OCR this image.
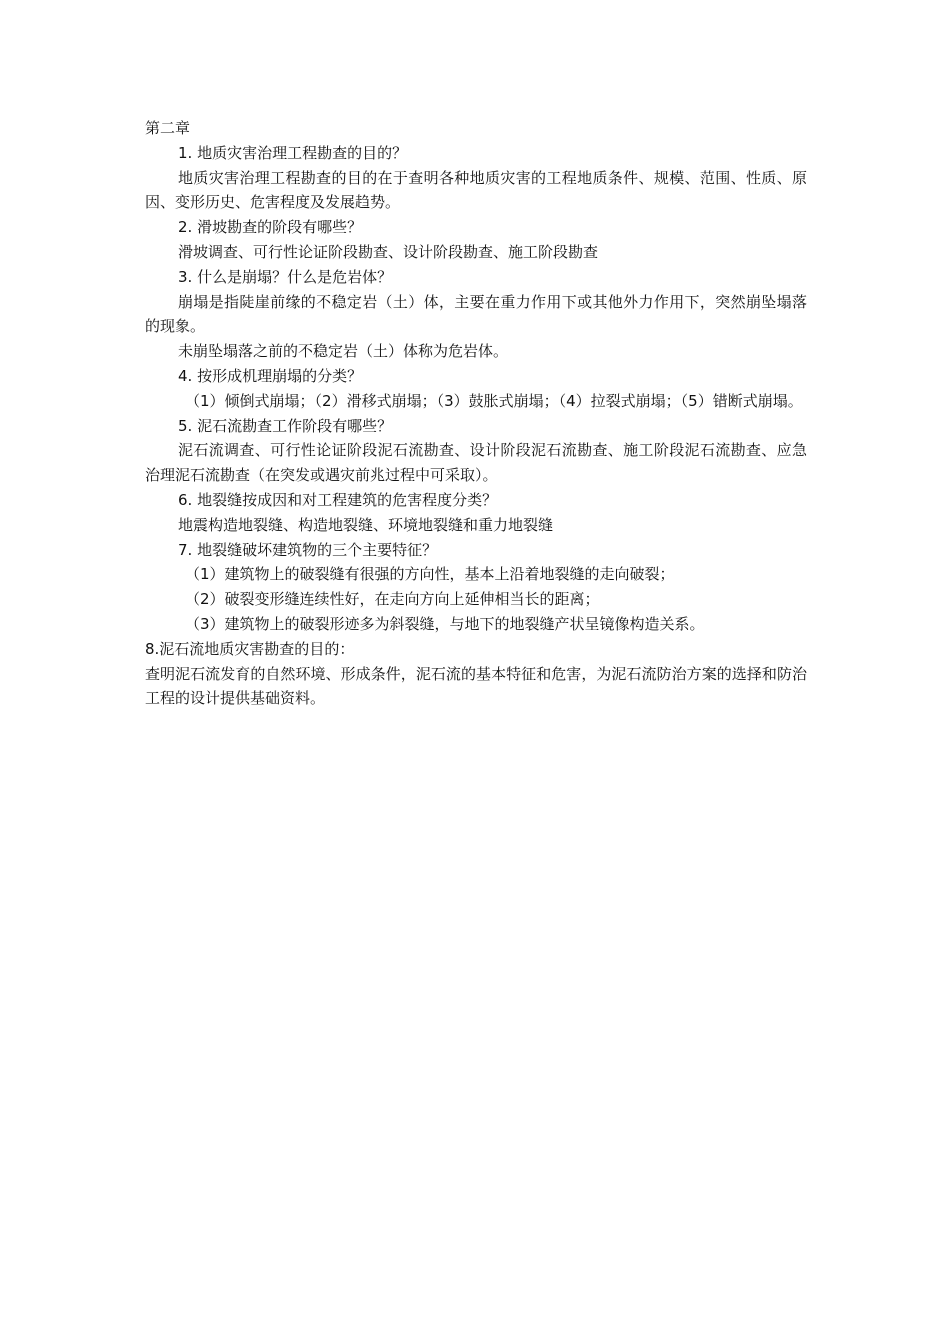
第二章

1. 地质灾害治理工程勘查的目的？

地质灾害治理工程勘查的目的在于查明各种地质灾害的工程地质条件、规模、范围、性质、原因、变形历史、危害程度及发展趋势。

2. 滑坡勘查的阶段有哪些？

滑坡调查、可行性论证阶段勘查、设计阶段勘查、施工阶段勘查

3. 什么是崩塌？什么是危岩体？

崩塌是指陡崖前缘的不稳定岩（土）体，主要在重力作用下或其他外力作用下，突然崩坠塌落的现象。

未崩坠塌落之前的不稳定岩（土）体称为危岩体。

4. 按形成机理崩塌的分类？

（1）倾倒式崩塌；（2）滑移式崩塌；（3）鼓胀式崩塌；（4）拉裂式崩塌；（5）错断式崩塌。

5. 泥石流勘查工作阶段有哪些？

泥石流调查、可行性论证阶段泥石流勘查、设计阶段泥石流勘查、施工阶段泥石流勘查、应急治理泥石流勘查（在突发或遇灾前兆过程中可采取）。

6. 地裂缝按成因和对工程建筑的危害程度分类？

地震构造地裂缝、构造地裂缝、环境地裂缝和重力地裂缝

7. 地裂缝破坏建筑物的三个主要特征？

（1）建筑物上的破裂缝有很强的方向性，基本上沿着地裂缝的走向破裂；

（2）破裂变形缝连续性好，在走向方向上延伸相当长的距离；

（3）建筑物上的破裂形迹多为斜裂缝，与地下的地裂缝产状呈镜像构造关系。

8.泥石流地质灾害勘查的目的：

查明泥石流发育的自然环境、形成条件，泥石流的基本特征和危害，为泥石流防治方案的选择和防治工程的设计提供基础资料。
